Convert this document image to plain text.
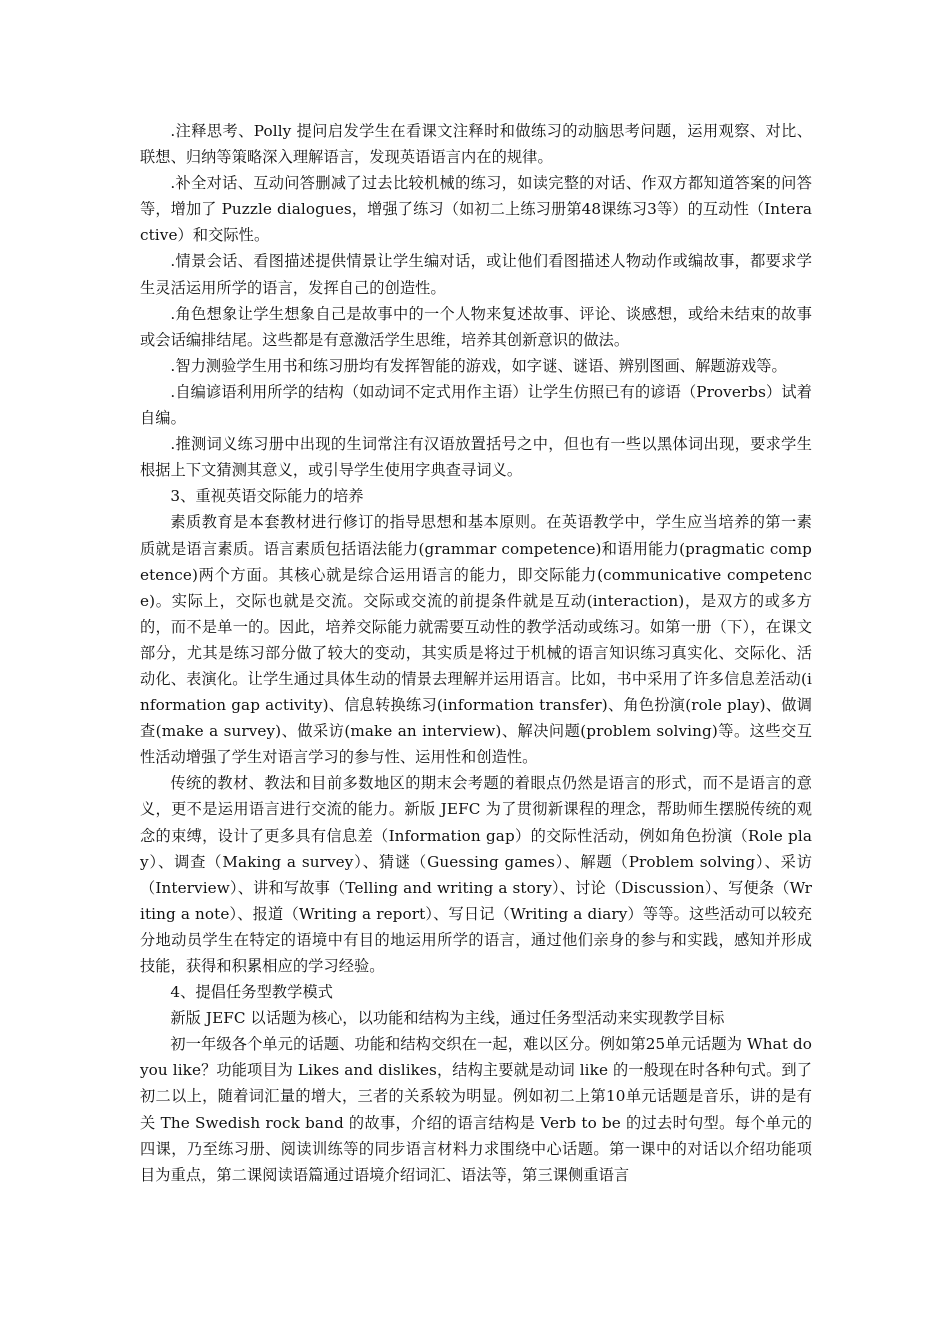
.注释思考、Polly 提问启发学生在看课文注释时和做练习的动脑思考问题，运用观察、对比、联想、归纳等策略深入理解语言，发现英语语言内在的规律。

.补全对话、互动问答删减了过去比较机械的练习，如读完整的对话、作双方都知道答案的问答等，增加了 Puzzle dialogues，增强了练习（如初二上练习册第48课练习3等）的互动性（Interactive）和交际性。

.情景会话、看图描述提供情景让学生编对话，或让他们看图描述人物动作或编故事，都要求学生灵活运用所学的语言，发挥自己的创造性。

.角色想象让学生想象自己是故事中的一个人物来复述故事、评论、谈感想，或给未结束的故事或会话编排结尾。这些都是有意激活学生思维，培养其创新意识的做法。

.智力测验学生用书和练习册均有发挥智能的游戏，如字谜、谜语、辨别图画、解题游戏等。

.自编谚语利用所学的结构（如动词不定式用作主语）让学生仿照已有的谚语（Proverbs）试着自编。

.推测词义练习册中出现的生词常注有汉语放置括号之中，但也有一些以黑体词出现，要求学生根据上下文猜测其意义，或引导学生使用字典查寻词义。

3、重视英语交际能力的培养

素质教育是本套教材进行修订的指导思想和基本原则。在英语教学中，学生应当培养的第一素质就是语言素质。语言素质包括语法能力(grammar competence)和语用能力(pragmatic competence)两个方面。其核心就是综合运用语言的能力，即交际能力(communicative competence)。实际上，交际也就是交流。交际或交流的前提条件就是互动(interaction)，是双方的或多方的，而不是单一的。因此，培养交际能力就需要互动性的教学活动或练习。如第一册（下），在课文部分，尤其是练习部分做了较大的变动，其实质是将过于机械的语言知识练习真实化、交际化、活动化、表演化。让学生通过具体生动的情景去理解并运用语言。比如，书中采用了许多信息差活动(information gap activity)、信息转换练习(information transfer)、角色扮演(role play)、做调查(make a survey)、做采访(make an interview)、解决问题(problem solving)等。这些交互性活动增强了学生对语言学习的参与性、运用性和创造性。

传统的教材、教法和目前多数地区的期末会考题的着眼点仍然是语言的形式，而不是语言的意义，更不是运用语言进行交流的能力。新版 JEFC 为了贯彻新课程的理念，帮助师生摆脱传统的观念的束缚，设计了更多具有信息差（Information gap）的交际性活动，例如角色扮演（Role play）、调查（Making a survey）、猜谜（Guessing games）、解题（Problem solving）、采访（Interview）、讲和写故事（Telling and writing a story）、讨论（Discussion）、写便条（Writing a note）、报道（Writing a report）、写日记（Writing a diary）等等。这些活动可以较充分地动员学生在特定的语境中有目的地运用所学的语言，通过他们亲身的参与和实践，感知并形成技能，获得和积累相应的学习经验。

4、提倡任务型教学模式

新版 JEFC 以话题为核心，以功能和结构为主线，通过任务型活动来实现教学目标

初一年级各个单元的话题、功能和结构交织在一起，难以区分。例如第25单元话题为 What do you like？功能项目为 Likes and dislikes，结构主要就是动词 like 的一般现在时各种句式。到了初二以上，随着词汇量的增大，三者的关系较为明显。例如初二上第10单元话题是音乐，讲的是有关 The Swedish rock band 的故事，介绍的语言结构是 Verb to be 的过去时句型。每个单元的四课，乃至练习册、阅读训练等的同步语言材料力求围绕中心话题。第一课中的对话以介绍功能项目为重点，第二课阅读语篇通过语境介绍词汇、语法等，第三课侧重语言
